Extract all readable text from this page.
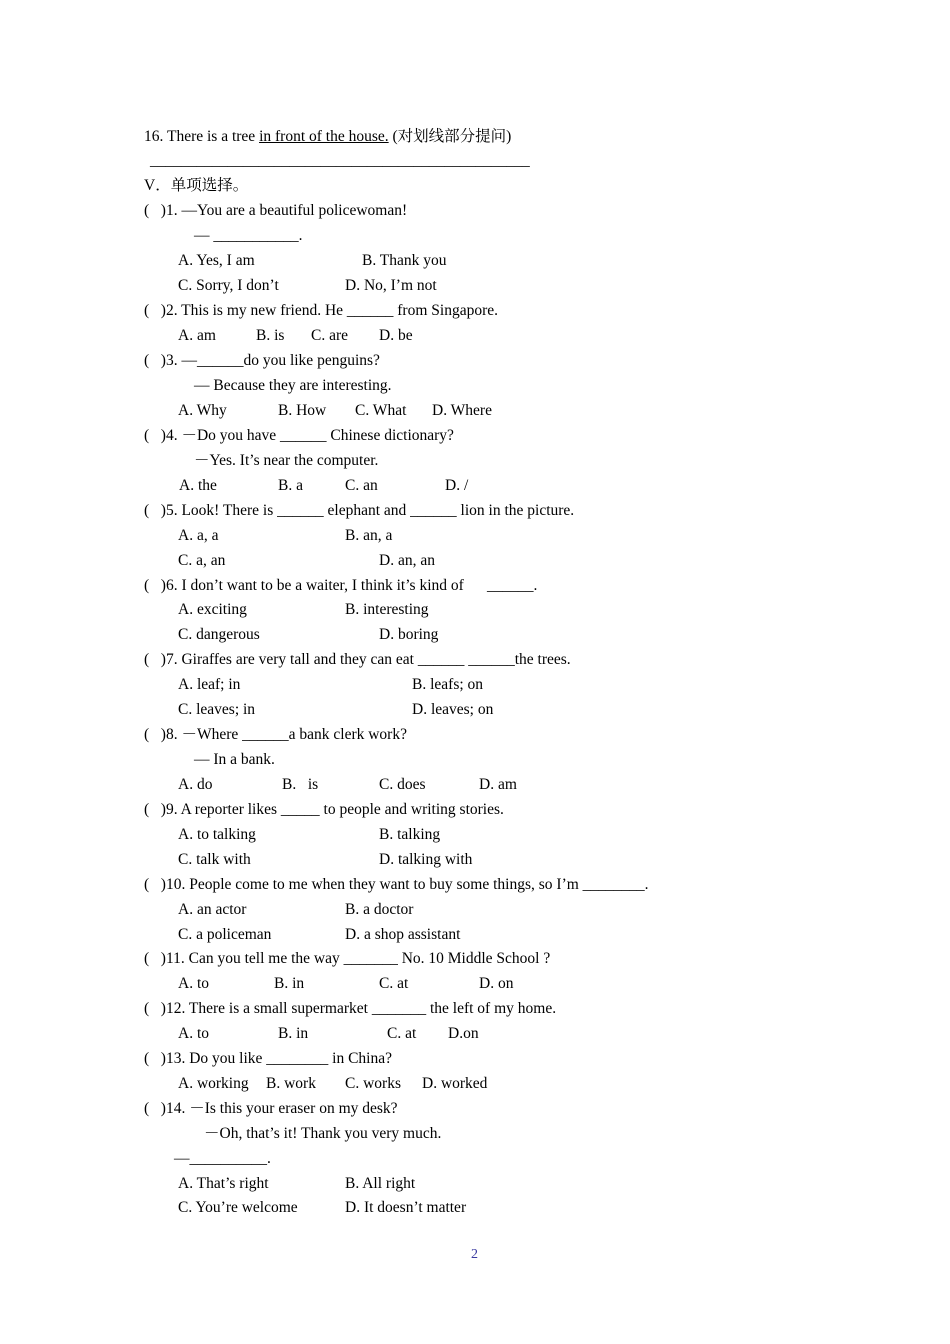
16. There is a tree in front of the house. (对划线部分提问)
_________________________________________________
V．单项选择。
(   )1. —You are a beautiful policewoman!
— ___________.
A. Yes, I am	B. Thank you
C. Sorry, I don’t	D. No, I’m not
(   )2. This is my new friend. He ______ from Singapore.
A. am	B. is C. are D. be
(   )3. —______do you like penguins?
— Because they are interesting.
A. Why	B. How C. What D. Where
(   )4. －Do you have ______ Chinese dictionary?
－Yes. It’s near the computer.
A. the	B. a	C. an	D. /
(   )5. Look! There is ______ elephant and ______ lion in the picture.
A. a, a	B. an, a
C. a, an	D. an, an
(   )6. I don’t want to be a waiter, I think it’s kind of      ______.
A. exciting	B. interesting
C. dangerous	D. boring
(   )7. Giraffes are very tall and they can eat ______ ______the trees.
A. leaf; in	B. leafs; on
C. leaves; in	D. leaves; on
(   )8. －Where ______a bank clerk work?
— In a bank.
A. do	B.   is	C. does	D. am
(   )9. A reporter likes _____ to people and writing stories.
A. to talking	B. talking
C. talk with	D. talking with
(   )10. People come to me when they want to buy some things, so I’m ________.
A. an actor	B. a doctor
C. a policeman	D. a shop assistant
(   )11. Can you tell me the way _______ No. 10 Middle School ?
A. to	B. in	C. at	D. on
(   )12. There is a small supermarket _______ the left of my home.
A. to	B. in	C. at D.on
(   )13. Do you like ________ in China?
A. working B. work C. works D. worked
(   )14. －Is this your eraser on my desk?
－Oh, that’s it! Thank you very much.
—__________.
A. That’s right	B. All right
C. You’re welcome	D. It doesn’t matter
2
